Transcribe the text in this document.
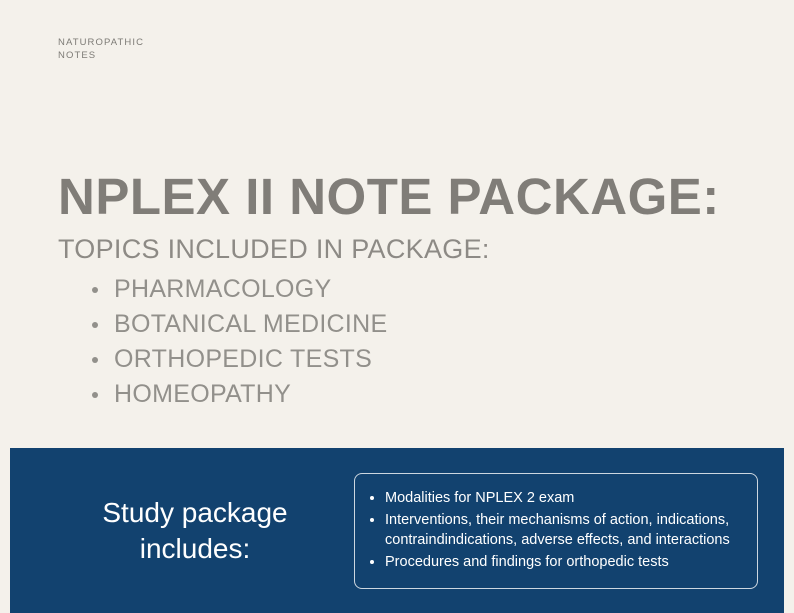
NATUROPATHIC
NOTES
NPLEX II NOTE PACKAGE:
TOPICS INCLUDED IN PACKAGE:
PHARMACOLOGY
BOTANICAL MEDICINE
ORTHOPEDIC TESTS
HOMEOPATHY
Study package
includes:
Modalities for NPLEX 2 exam
Interventions, their mechanisms of action, indications, contraindindications, adverse effects, and interactions
Procedures and findings for orthopedic tests
